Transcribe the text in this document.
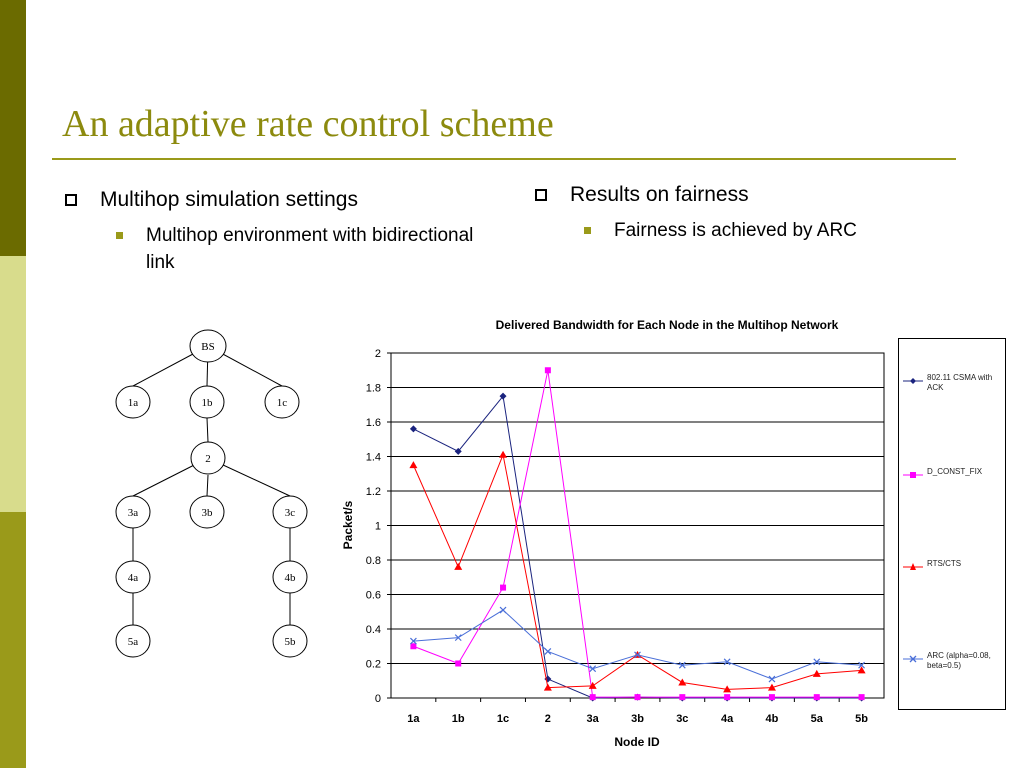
An adaptive rate control scheme
Multihop simulation settings
Multihop environment with bidirectional link
Results on fairness
Fairness is achieved by ARC
BS
1a	1b	1c
2
3a	3b	3c
4a	4b
5a	5b
Delivered Bandwidth for Each Node in the Multihop Network
0
0.2
0.4
0.6
0.8
1
1.2
1.4
1.6
1.8
2
1a	1b	1c	2	3a	3b	3c	4a	4b	5a	5b
Packet/s
Node ID
802.11 CSMA with ACK
D_CONST_FIX
RTS/CTS
ARC (alpha=0.08, beta=0.5)
